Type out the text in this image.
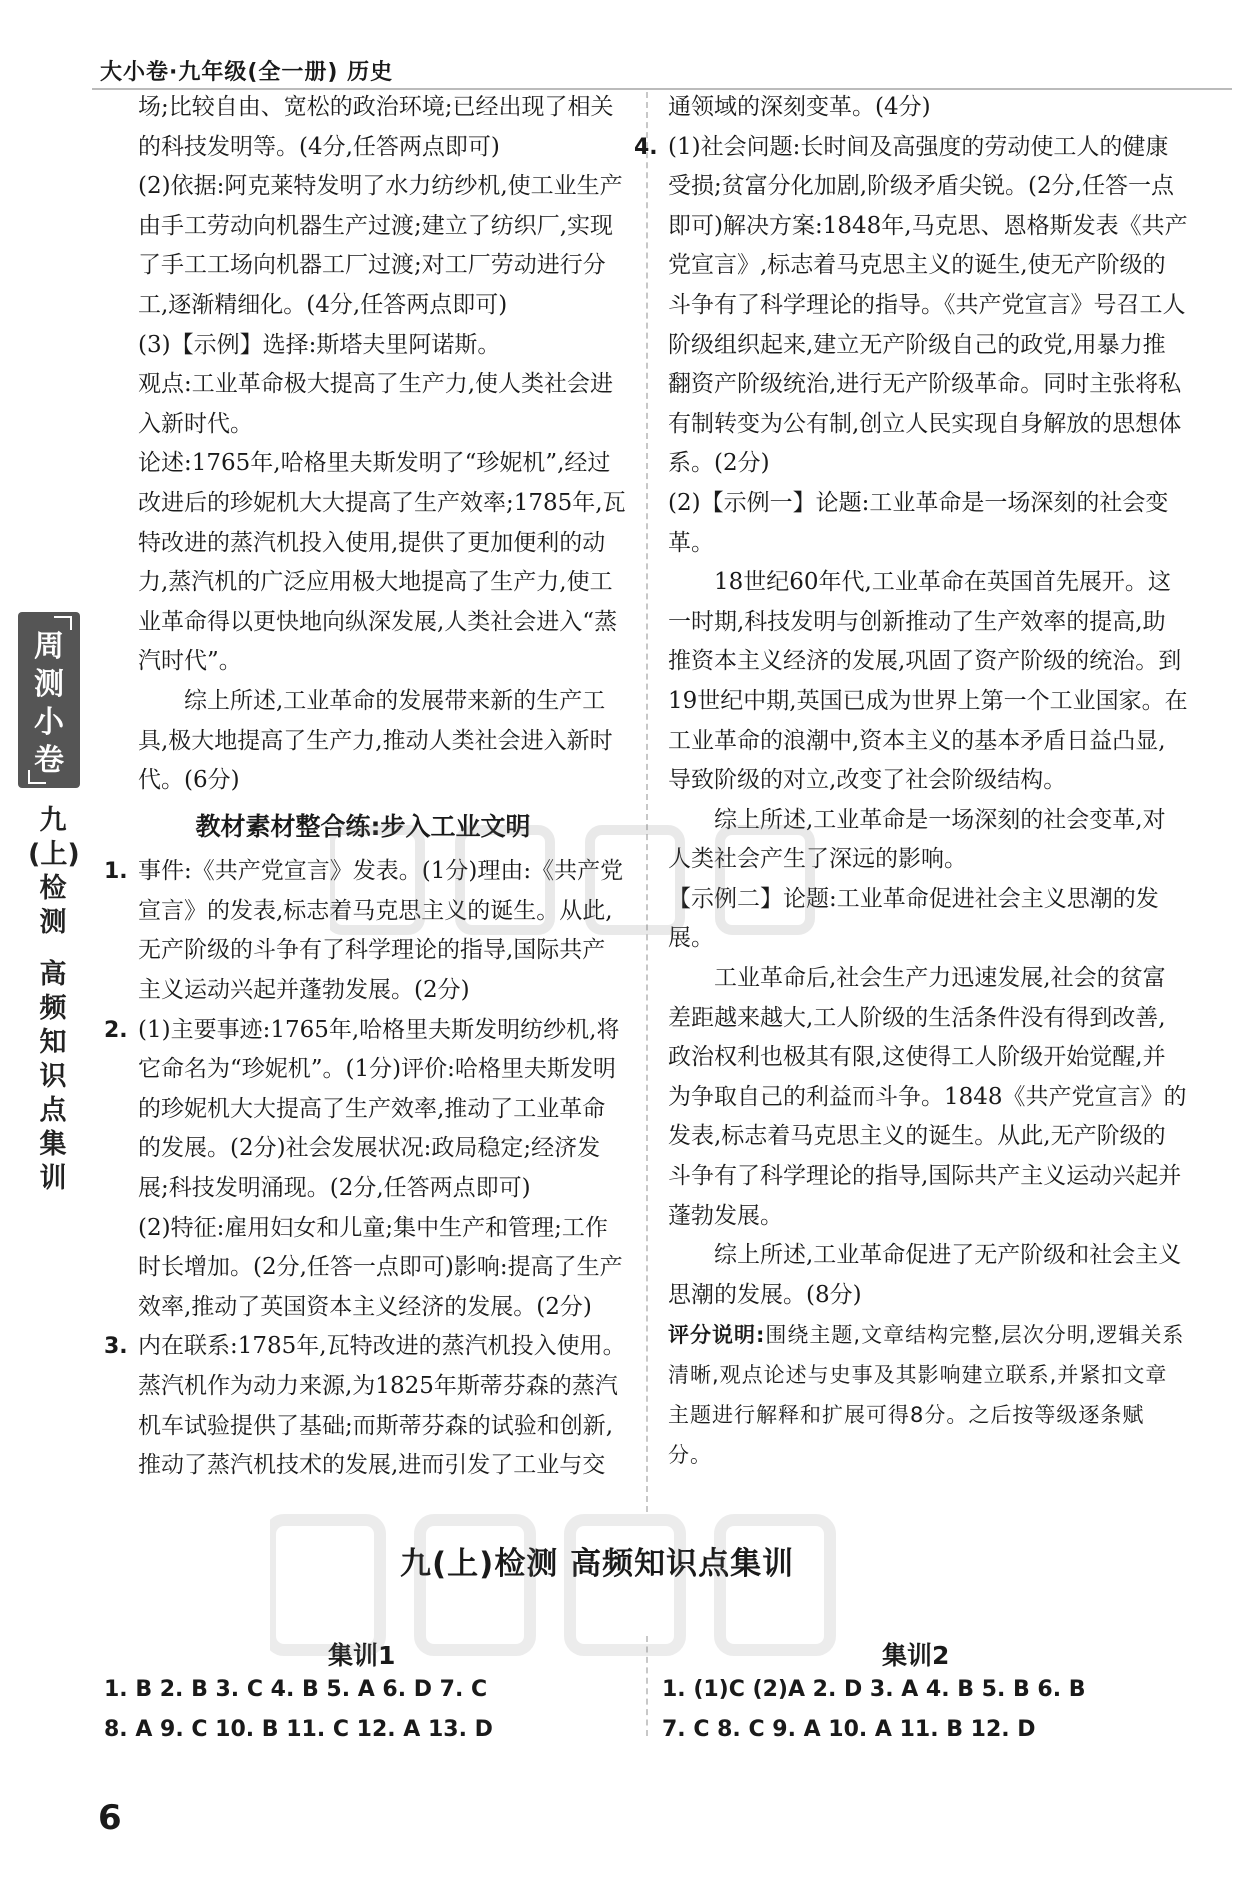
大小卷·九年级(全一册) 历史
周测小卷
九(上)检测
高频知识点集训

场;比较自由、宽松的政治环境;已经出现了相关的科技发明等。(4分,任答两点即可)

(2)依据:阿克莱特发明了水力纺纱机,使工业生产由手工劳动向机器生产过渡;建立了纺织厂,实现了手工工场向机器工厂过渡;对工厂劳动进行分工,逐渐精细化。(4分,任答两点即可)

(3)【示例】选择:斯塔夫里阿诺斯。

观点:工业革命极大提高了生产力,使人类社会进入新时代。

论述:1765年,哈格里夫斯发明了“珍妮机”,经过改进后的珍妮机大大提高了生产效率;1785年,瓦特改进的蒸汽机投入使用,提供了更加便利的动力,蒸汽机的广泛应用极大地提高了生产力,使工业革命得以更快地向纵深发展,人类社会进入“蒸汽时代”。

综上所述,工业革命的发展带来新的生产工具,极大地提高了生产力,推动人类社会进入新时代。(6分)

教材素材整合练:步入工业文明

1. 事件:《共产党宣言》发表。(1分)理由:《共产党宣言》的发表,标志着马克思主义的诞生。从此,无产阶级的斗争有了科学理论的指导,国际共产主义运动兴起并蓬勃发展。(2分)

2. (1)主要事迹:1765年,哈格里夫斯发明纺纱机,将它命名为“珍妮机”。(1分)评价:哈格里夫斯发明的珍妮机大大提高了生产效率,推动了工业革命的发展。(2分)社会发展状况:政局稳定;经济发展;科技发明涌现。(2分,任答两点即可)

(2)特征:雇用妇女和儿童;集中生产和管理;工作时长增加。(2分,任答一点即可)影响:提高了生产效率,推动了英国资本主义经济的发展。(2分)

3. 内在联系:1785年,瓦特改进的蒸汽机投入使用。蒸汽机作为动力来源,为1825年斯蒂芬森的蒸汽机车试验提供了基础;而斯蒂芬森的试验和创新,推动了蒸汽机技术的发展,进而引发了工业与交

通领域的深刻变革。(4分)

4. (1)社会问题:长时间及高强度的劳动使工人的健康受损;贫富分化加剧,阶级矛盾尖锐。(2分,任答一点即可)解决方案:1848年,马克思、恩格斯发表《共产党宣言》,标志着马克思主义的诞生,使无产阶级的斗争有了科学理论的指导。《共产党宣言》号召工人阶级组织起来,建立无产阶级自己的政党,用暴力推翻资产阶级统治,进行无产阶级革命。同时主张将私有制转变为公有制,创立人民实现自身解放的思想体系。(2分)

(2)【示例一】论题:工业革命是一场深刻的社会变革。

18世纪60年代,工业革命在英国首先展开。这一时期,科技发明与创新推动了生产效率的提高,助推资本主义经济的发展,巩固了资产阶级的统治。到19世纪中期,英国已成为世界上第一个工业国家。在工业革命的浪潮中,资本主义的基本矛盾日益凸显,导致阶级的对立,改变了社会阶级结构。

综上所述,工业革命是一场深刻的社会变革,对人类社会产生了深远的影响。

【示例二】论题:工业革命促进社会主义思潮的发展。

工业革命后,社会生产力迅速发展,社会的贫富差距越来越大,工人阶级的生活条件没有得到改善,政治权利也极其有限,这使得工人阶级开始觉醒,并为争取自己的利益而斗争。1848《共产党宣言》的发表,标志着马克思主义的诞生。从此,无产阶级的斗争有了科学理论的指导,国际共产主义运动兴起并蓬勃发展。

综上所述,工业革命促进了无产阶级和社会主义思潮的发展。(8分)

评分说明:围绕主题,文章结构完整,层次分明,逻辑关系清晰,观点论述与史事及其影响建立联系,并紧扣文章主题进行解释和扩展可得8分。之后按等级逐条赋分。

九(上)检测 高频知识点集训
集训1	集训2

1. B 2. B 3. C 4. B 5. A 6. D 7. C

8. A 9. C 10. B 11. C 12. A 13. D

1. (1)C (2)A 2. D 3. A 4. B 5. B 6. B

7. C 8. C 9. A 10. A 11. B 12. D

6
